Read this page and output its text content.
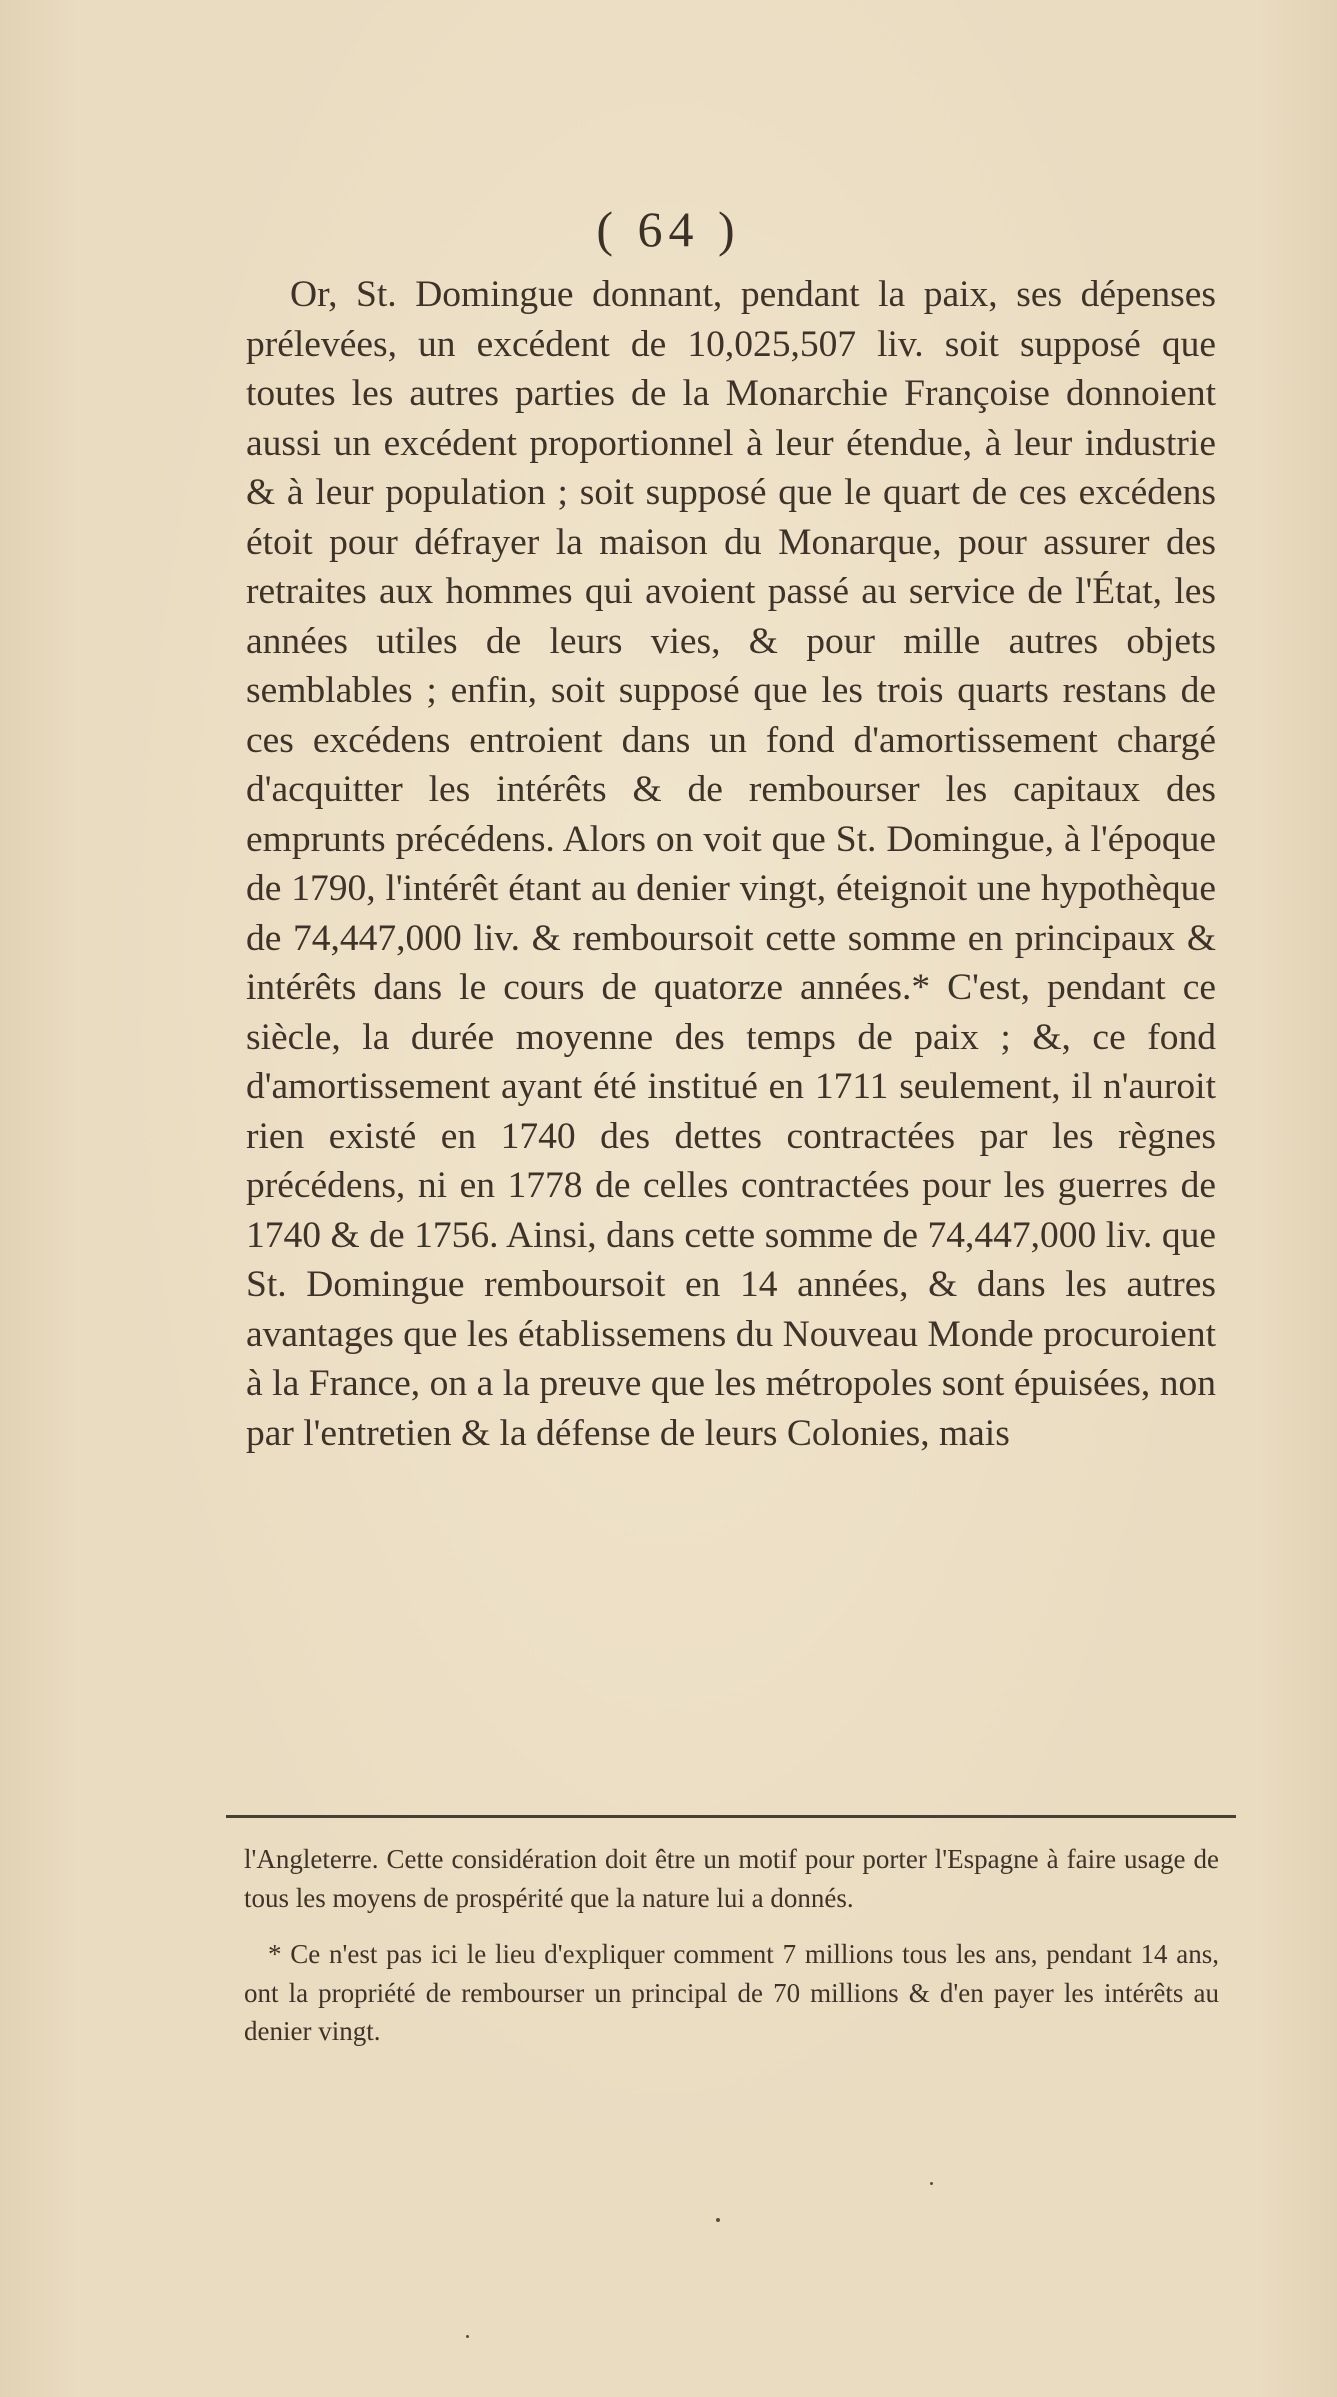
( 64 )

Or, St. Domingue donnant, pendant la paix, ses dépenses prélevées, un excédent de 10,025,507 liv. soit supposé que toutes les autres parties de la Monarchie Françoise donnoient aussi un excédent proportionnel à leur étendue, à leur industrie & à leur population ; soit supposé que le quart de ces excédens étoit pour défrayer la maison du Monarque, pour assurer des retraites aux hommes qui avoient passé au service de l'État, les années utiles de leurs vies, & pour mille autres objets semblables ; enfin, soit supposé que les trois quarts restans de ces excédens entroient dans un fond d'amortissement chargé d'acquitter les intérêts & de rembourser les capitaux des emprunts précédens. Alors on voit que St. Domingue, à l'époque de 1790, l'intérêt étant au denier vingt, éteignoit une hypothèque de 74,447,000 liv. & remboursoit cette somme en principaux & intérêts dans le cours de quatorze années.* C'est, pendant ce siècle, la durée moyenne des temps de paix ; &, ce fond d'amortissement ayant été institué en 1711 seulement, il n'auroit rien existé en 1740 des dettes contractées par les règnes précédens, ni en 1778 de celles contractées pour les guerres de 1740 & de 1756. Ainsi, dans cette somme de 74,447,000 liv. que St. Domingue remboursoit en 14 années, & dans les autres avantages que les établissemens du Nouveau Monde procuroient à la France, on a la preuve que les métropoles sont épuisées, non par l'entretien & la défense de leurs Colonies, mais

l'Angleterre. Cette considération doit être un motif pour porter l'Espagne à faire usage de tous les moyens de prospérité que la nature lui a donnés.

* Ce n'est pas ici le lieu d'expliquer comment 7 millions tous les ans, pendant 14 ans, ont la propriété de rembourser un principal de 70 millions & d'en payer les intérêts au denier vingt.
